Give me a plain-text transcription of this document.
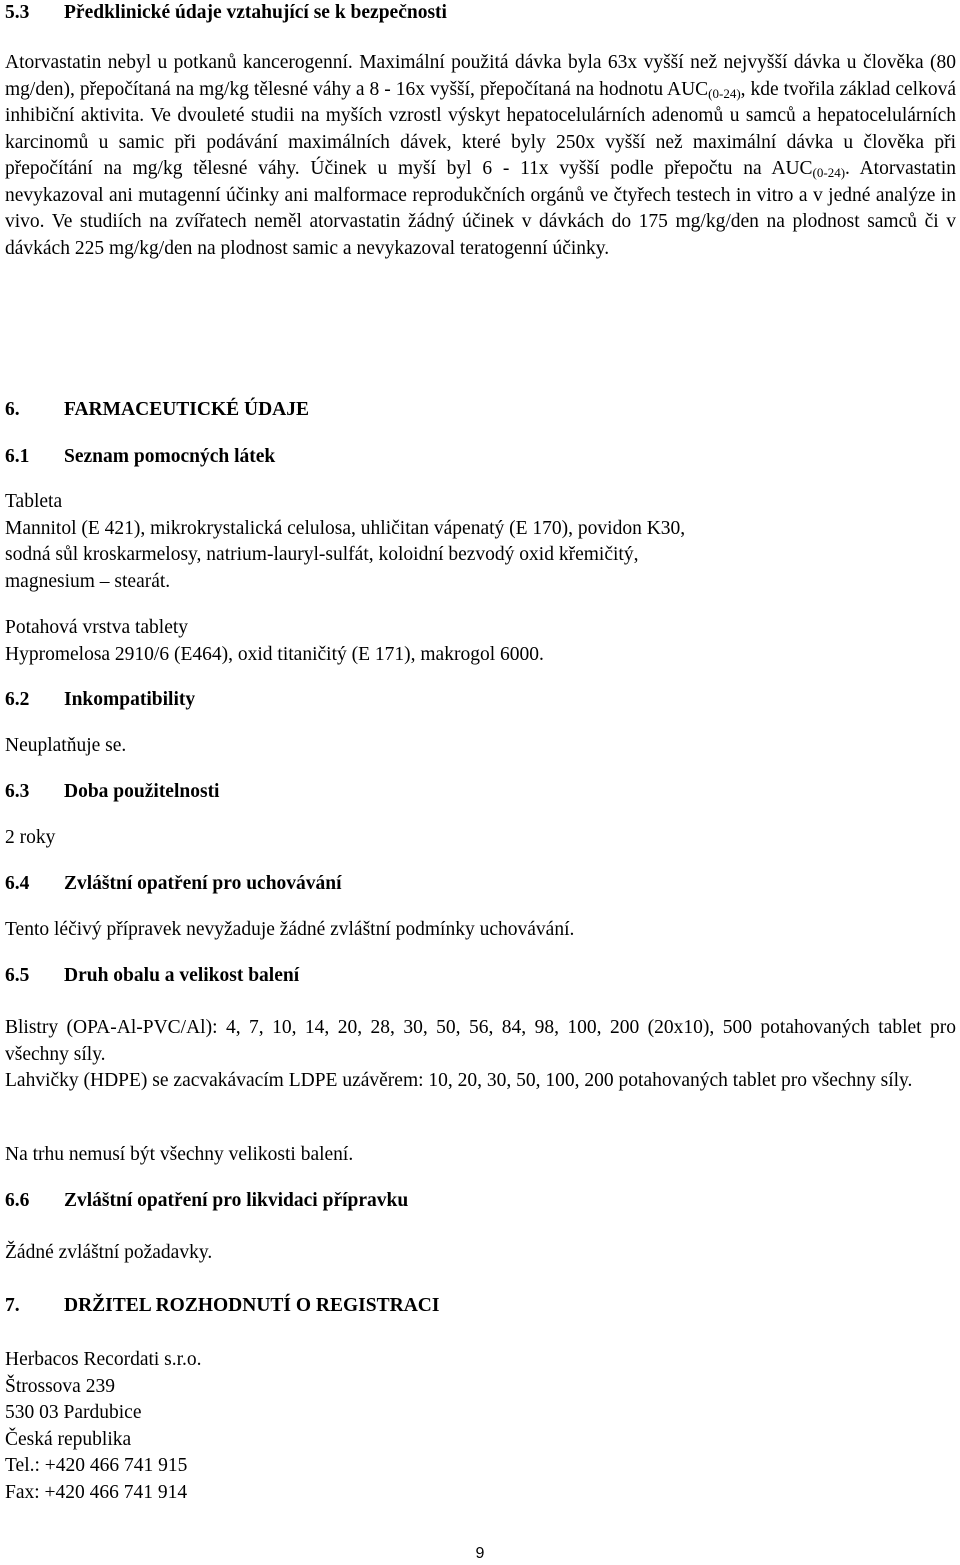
5.3 Předklinické údaje vztahující se k bezpečnosti

Atorvastatin nebyl u potkanů kancerogenní. Maximální použitá dávka byla 63x vyšší než nejvyšší dávka u člověka (80 mg/den), přepočítaná na mg/kg tělesné váhy a 8 - 16x vyšší, přepočítaná na hodnotu $AUC_{(0-24)}$, kde tvořila základ celková inhibiční aktivita. Ve dvouleté studii na myších vzrostl výskyt hepatocelulárních adenomů u samců a hepatocelulárních karcinomů u samic při podávání maximálních dávek, které byly 250x vyšší než maximální dávka u člověka při přepočítání na mg/kg tělesné váhy. Účinek u myší byl 6 - 11x vyšší podle přepočtu na $AUC_{(0-24)}$. Atorvastatin nevykazoval ani mutagenní účinky ani malformace reprodukčních orgánů ve čtyřech testech in vitro a v jedné analýze in vivo. Ve studiích na zvířatech neměl atorvastatin žádný účinek v dávkách do 175 mg/kg/den na plodnost samců či v dávkách 225 mg/kg/den na plodnost samic a nevykazoval teratogenní účinky.

6. FARMACEUTICKÉ ÚDAJE

6.1 Seznam pomocných látek

Tableta
Mannitol (E 421), mikrokrystalická celulosa, uhličitan vápenatý (E 170), povidon K30,
sodná sůl kroskarmelosy, natrium-lauryl-sulfát, koloidní bezvodý oxid křemičitý,
magnesium – stearát.

Potahová vrstva tablety
Hypromelosa 2910/6 (E464), oxid titaničitý (E 171), makrogol 6000.

6.2 Inkompatibility

Neuplatňuje se.

6.3 Doba použitelnosti

2 roky

6.4 Zvláštní opatření pro uchovávání

Tento léčivý přípravek nevyžaduje žádné zvláštní podmínky uchovávání.

6.5 Druh obalu a velikost balení

Blistry (OPA-Al-PVC/Al): 4, 7, 10, 14, 20, 28, 30, 50, 56, 84, 98, 100, 200 (20x10), 500 potahovaných tablet pro všechny síly.

Lahvičky (HDPE) se zacvakávacím LDPE uzávěrem: 10, 20, 30, 50, 100, 200 potahovaných tablet pro všechny síly.

Na trhu nemusí být všechny velikosti balení.

6.6 Zvláštní opatření pro likvidaci přípravku

Žádné zvláštní požadavky.

7. DRŽITEL ROZHODNUTÍ O REGISTRACI

Herbacos Recordati s.r.o.
Štrossova 239
530 03 Pardubice
Česká republika
Tel.: +420 466 741 915
Fax: +420 466 741 914

9
